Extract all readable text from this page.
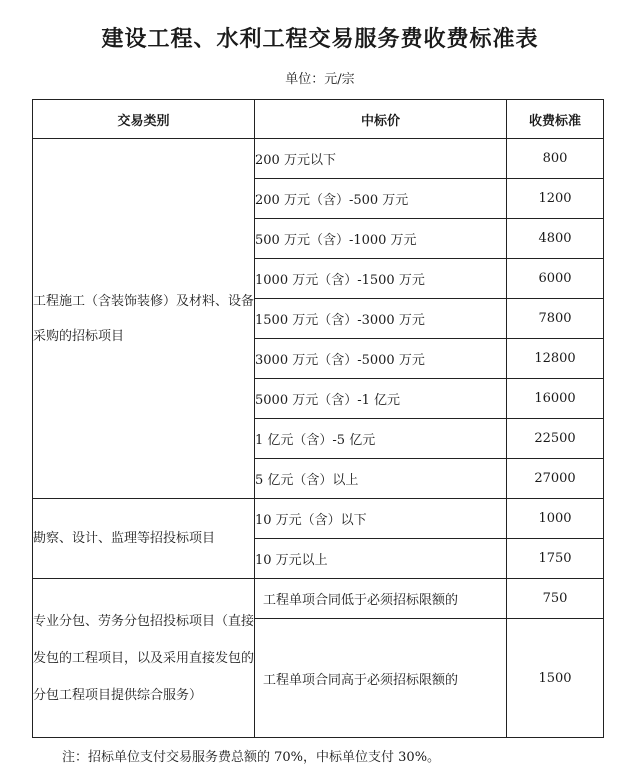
建设工程、水利工程交易服务费收费标准表
单位：元/宗
交易类别	中标价	收费标准
工程施工（含装饰装修）及材料、设备采购的招标项目	200 万元以下	800
	200 万元（含）-500 万元	1200
	500 万元（含）-1000 万元	4800
	1000 万元（含）-1500 万元	6000
	1500 万元（含）-3000 万元	7800
	3000 万元（含）-5000 万元	12800
	5000 万元（含）-1 亿元	16000
	1 亿元（含）-5 亿元	22500
	5 亿元（含）以上	27000
勘察、设计、监理等招投标项目	10 万元（含）以下	1000
	10 万元以上	1750
专业分包、劳务分包招投标项目（直接发包的工程项目，以及采用直接发包的分包工程项目提供综合服务）	工程单项合同低于必须招标限额的	750
	工程单项合同高于必须招标限额的	1500
注：招标单位支付交易服务费总额的 70%，中标单位支付 30%。
